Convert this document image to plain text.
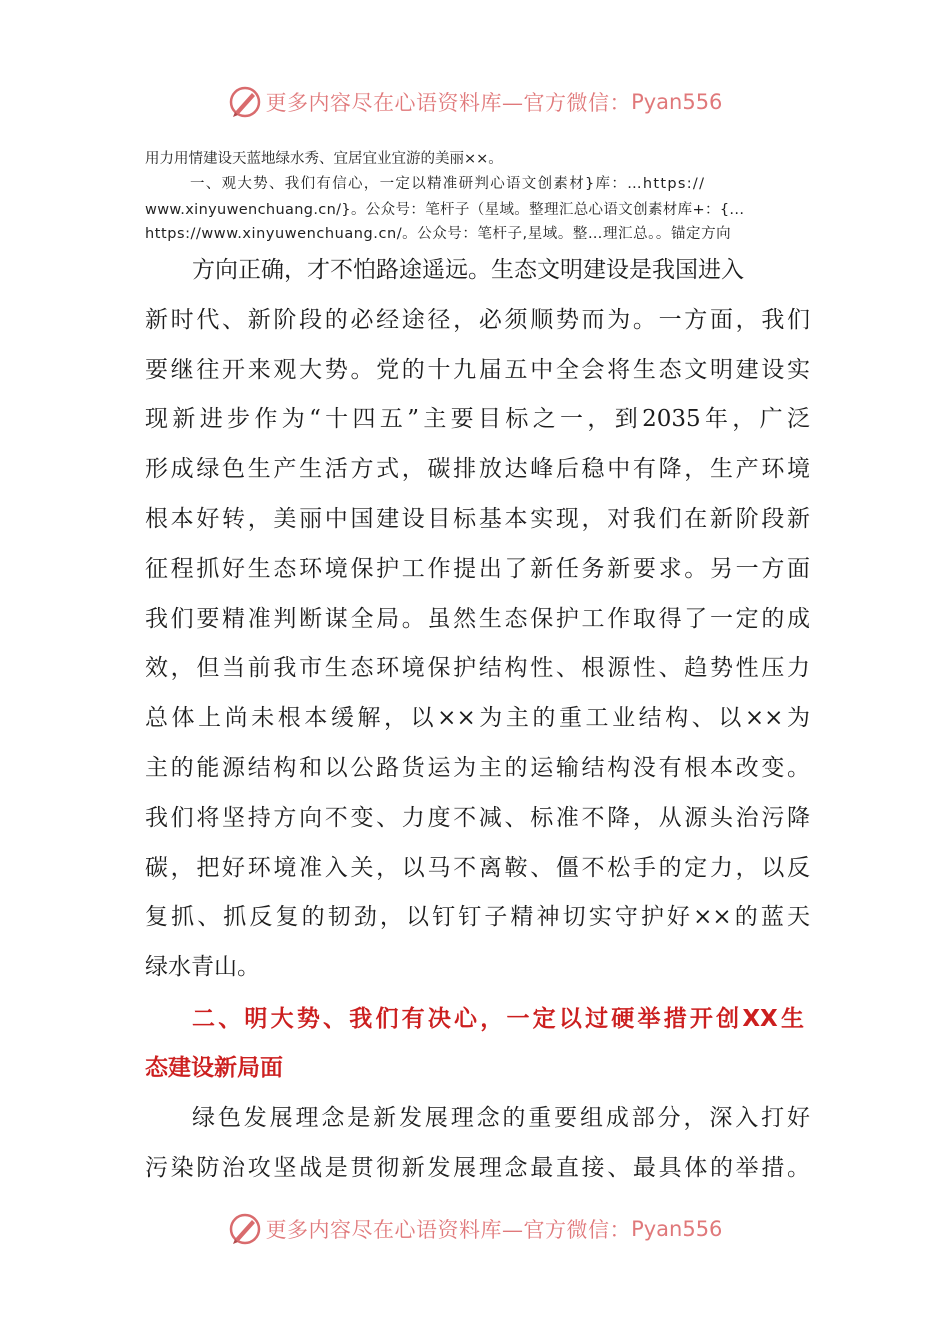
更多内容尽在心语资料库—官方微信： Pyan556
用力用情建设天蓝地绿水秀、宜居宜业宜游的美丽××。
一、观大势、我们有信心，一定以精准研判心语文创素材}库：…https://
www.xinyuwenchuang.cn/}。公众号：笔杆子（星域。整理汇总心语文创素材库+：{...
https://www.xinyuwenchuang.cn/。公众号：笔杆子,星域。整…理汇总。。锚定方向
方向正确，才不怕路途遥远。生态文明建设是我国进入
新时代、新阶段的必经途径，必须顺势而为。一方面，我们
要继往开来观大势。党的十九届五中全会将生态文明建设实
现新进步作为“十四五”主要目标之一，到2035年，广泛
形成绿色生产生活方式，碳排放达峰后稳中有降，生产环境
根本好转，美丽中国建设目标基本实现，对我们在新阶段新
征程抓好生态环境保护工作提出了新任务新要求。另一方面
我们要精准判断谋全局。虽然生态保护工作取得了一定的成
效，但当前我市生态环境保护结构性、根源性、趋势性压力
总体上尚未根本缓解，以××为主的重工业结构、以××为
主的能源结构和以公路货运为主的运输结构没有根本改变。
我们将坚持方向不变、力度不减、标准不降，从源头治污降
碳，把好环境准入关，以马不离鞍、僵不松手的定力，以反
复抓、抓反复的韧劲，以钉钉子精神切实守护好××的蓝天
绿水青山。
二、明大势、我们有决心，一定以过硬举措开创XX生
态建设新局面
绿色发展理念是新发展理念的重要组成部分，深入打好
污染防治攻坚战是贯彻新发展理念最直接、最具体的举措。
更多内容尽在心语资料库—官方微信： Pyan556
